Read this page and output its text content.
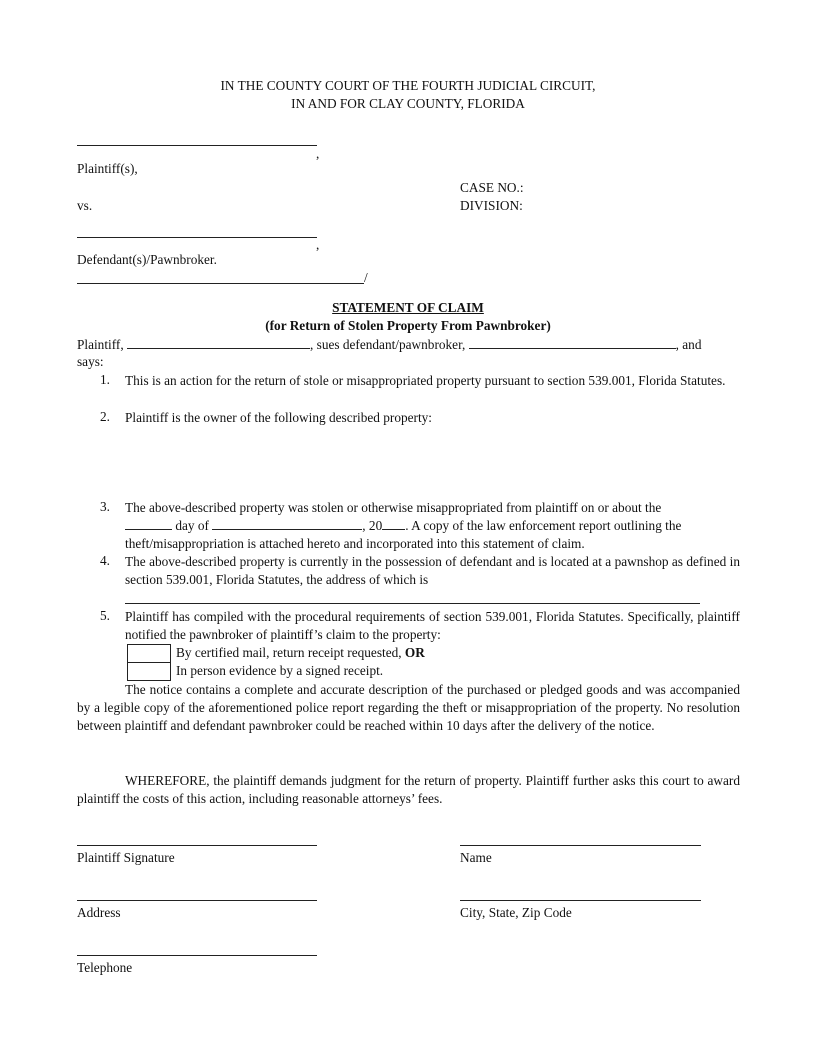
IN THE COUNTY COURT OF THE FOURTH JUDICIAL CIRCUIT,
IN AND FOR CLAY COUNTY, FLORIDA
,
Plaintiff(s),
CASE NO.:
vs.	DIVISION:
,
Defendant(s)/Pawnbroker.
/
STATEMENT OF CLAIM
(for Return of Stolen Property From Pawnbroker)
Plaintiff,	, sues defendant/pawnbroker,	, and
says:
1. This is an action for the return of stole or misappropriated property pursuant to section 539.001, Florida Statutes.
2. Plaintiff is the owner of the following described property:
3. The above-described property was stolen or otherwise misappropriated from plaintiff on or about the
day of	, 20 . A copy of the law enforcement report outlining the
theft/misappropriation is attached hereto and incorporated into this statement of claim.
4. The above-described property is currently in the possession of defendant and is located at a pawnshop as defined in section 539.001, Florida Statutes, the address of which is
5. Plaintiff has compiled with the procedural requirements of section 539.001, Florida Statutes. Specifically, plaintiff notified the pawnbroker of plaintiff’s claim to the property:
By certified mail, return receipt requested, OR
In person evidence by a signed receipt.
The notice contains a complete and accurate description of the purchased or pledged goods and was accompanied by a legible copy of the aforementioned police report regarding the theft or misappropriation of the property. No resolution between plaintiff and defendant pawnbroker could be reached within 10 days after the delivery of the notice.
WHEREFORE, the plaintiff demands judgment for the return of property. Plaintiff further asks this court to award plaintiff the costs of this action, including reasonable attorneys’ fees.
Plaintiff Signature	Name
Address	City, State, Zip Code
Telephone
